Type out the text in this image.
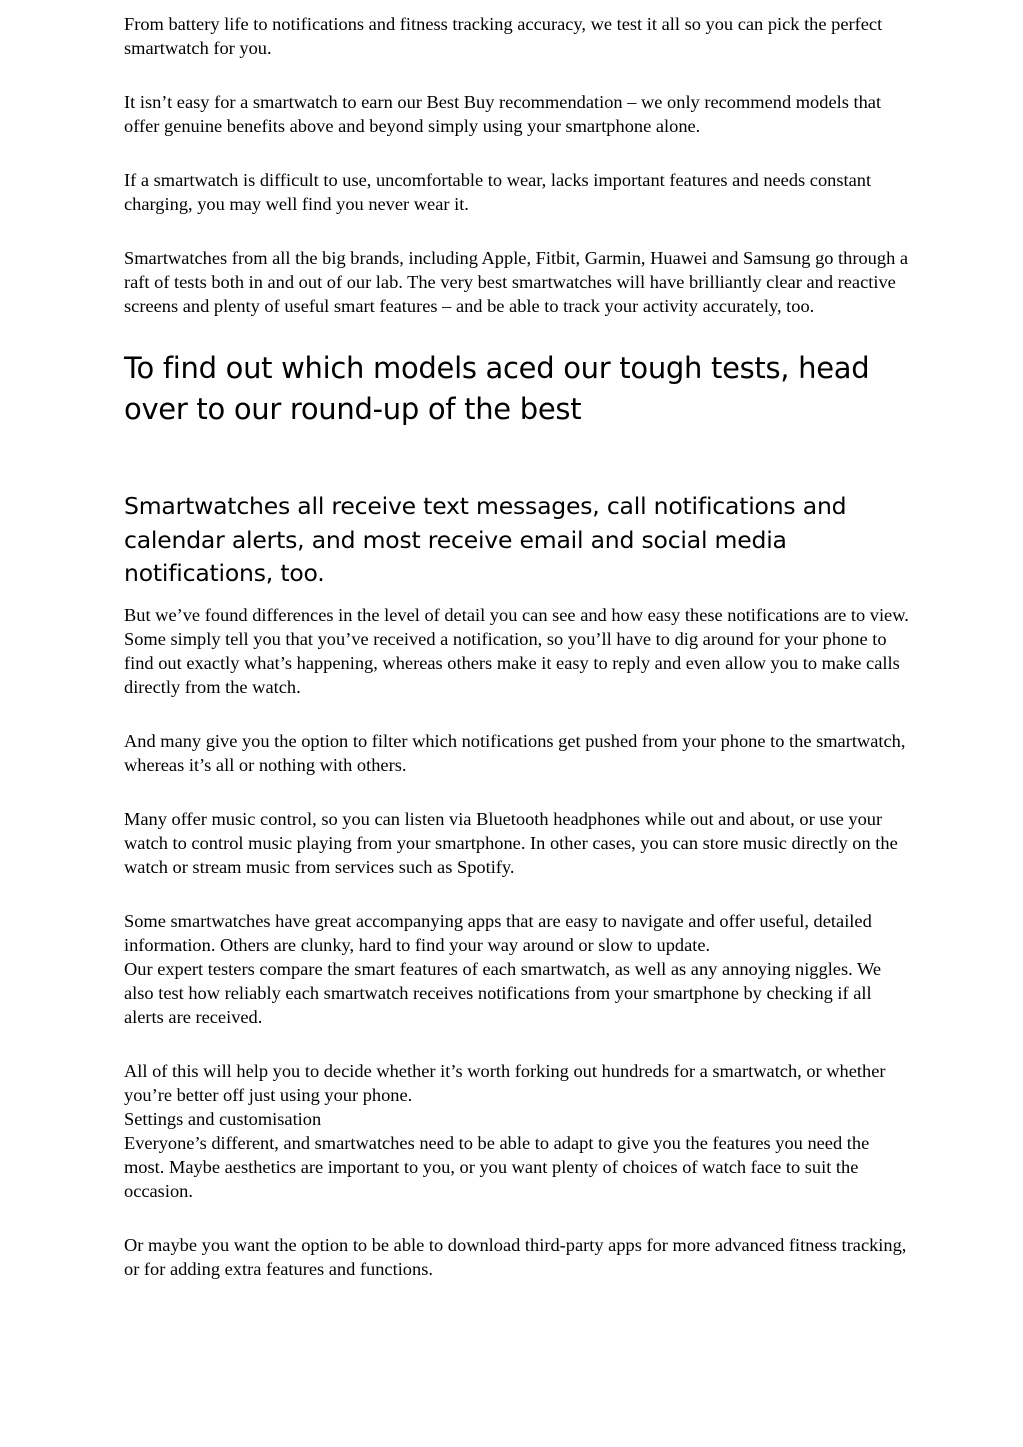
From battery life to notifications and fitness tracking accuracy, we test it all so you can pick the perfect smartwatch for you.

It isn’t easy for a smartwatch to earn our Best Buy recommendation – we only recommend models that offer genuine benefits above and beyond simply using your smartphone alone.

If a smartwatch is difficult to use, uncomfortable to wear, lacks important features and needs constant charging, you may well find you never wear it.

Smartwatches from all the big brands, including Apple, Fitbit, Garmin, Huawei and Samsung go through a raft of tests both in and out of our lab. The very best smartwatches will have brilliantly clear and reactive screens and plenty of useful smart features – and be able to track your activity accurately, too.

To find out which models aced our tough tests, head over to our round-up of the best
Smartwatches all receive text messages, call notifications and calendar alerts, and most receive email and social media notifications, too.

But we’ve found differences in the level of detail you can see and how easy these notifications are to view. Some simply tell you that you’ve received a notification, so you’ll have to dig around for your phone to find out exactly what’s happening, whereas others make it easy to reply and even allow you to make calls directly from the watch.

And many give you the option to filter which notifications get pushed from your phone to the smartwatch, whereas it’s all or nothing with others.

Many offer music control, so you can listen via Bluetooth headphones while out and about, or use your watch to control music playing from your smartphone. In other cases, you can store music directly on the watch or stream music from services such as Spotify.

Some smartwatches have great accompanying apps that are easy to navigate and offer useful, detailed information. Others are clunky, hard to find your way around or slow to update.
Our expert testers compare the smart features of each smartwatch, as well as any annoying niggles. We also test how reliably each smartwatch receives notifications from your smartphone by checking if all alerts are received.

All of this will help you to decide whether it’s worth forking out hundreds for a smartwatch, or whether you’re better off just using your phone.
Settings and customisation
Everyone’s different, and smartwatches need to be able to adapt to give you the features you need the most. Maybe aesthetics are important to you, or you want plenty of choices of watch face to suit the occasion.

Or maybe you want the option to be able to download third-party apps for more advanced fitness tracking, or for adding extra features and functions.
